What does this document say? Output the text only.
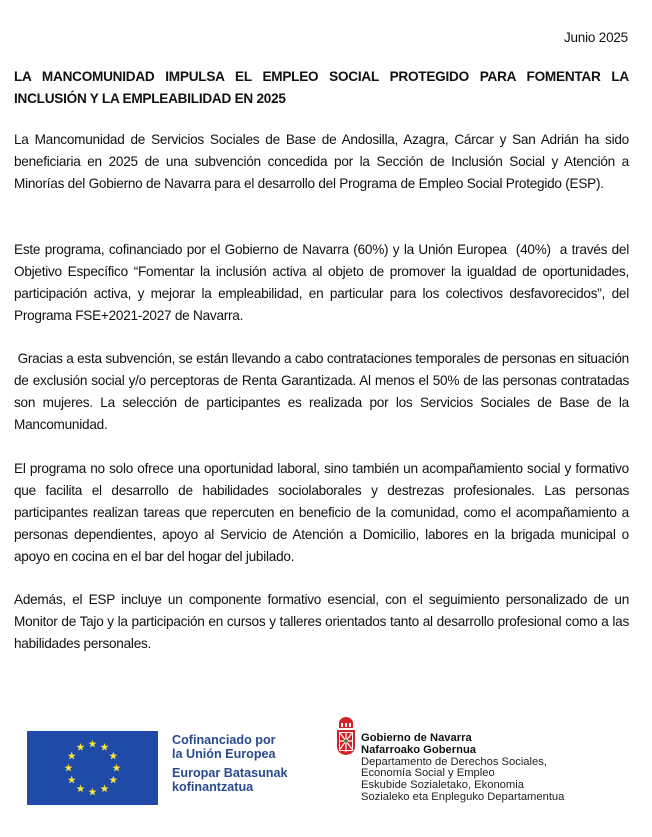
Junio 2025
LA MANCOMUNIDAD IMPULSA EL EMPLEO SOCIAL PROTEGIDO PARA FOMENTAR LA INCLUSIÓN Y LA EMPLEABILIDAD EN 2025

La Mancomunidad de Servicios Sociales de Base de Andosilla, Azagra, Cárcar y San Adrián ha sido beneficiaria en 2025 de una subvención concedida por la Sección de Inclusión Social y Atención a Minorías del Gobierno de Navarra para el desarrollo del Programa de Empleo Social Protegido (ESP).

Este programa, cofinanciado por el Gobierno de Navarra (60%) y la Unión Europea  (40%)  a través del Objetivo Específico “Fomentar la inclusión activa al objeto de promover la igualdad de oportunidades, participación activa, y mejorar la empleabilidad, en particular para los colectivos desfavorecidos”, del Programa FSE+2021-2027 de Navarra.

Gracias a esta subvención, se están llevando a cabo contrataciones temporales de personas en situación de exclusión social y/o perceptoras de Renta Garantizada. Al menos el 50% de las personas contratadas son mujeres. La selección de participantes es realizada por los Servicios Sociales de Base de la Mancomunidad.

El programa no solo ofrece una oportunidad laboral, sino también un acompañamiento social y formativo que facilita el desarrollo de habilidades sociolaborales y destrezas profesionales. Las personas participantes realizan tareas que repercuten en beneficio de la comunidad, como el acompañamiento a personas dependientes, apoyo al Servicio de Atención a Domicilio, labores en la brigada municipal o apoyo en cocina en el bar del hogar del jubilado.

Además, el ESP incluye un componente formativo esencial, con el seguimiento personalizado de un Monitor de Tajo y la participación en cursos y talleres orientados tanto al desarrollo profesional como a las habilidades personales.

Cofinanciado por
la Unión Europea
Europar Batasunak
kofinantzatua
Gobierno de Navarra
Nafarroako Gobernua
Departamento de Derechos Sociales,
Economía Social y Empleo
Eskubide Sozialetako, Ekonomia
Sozialeko eta Enpleguko Departamentua
